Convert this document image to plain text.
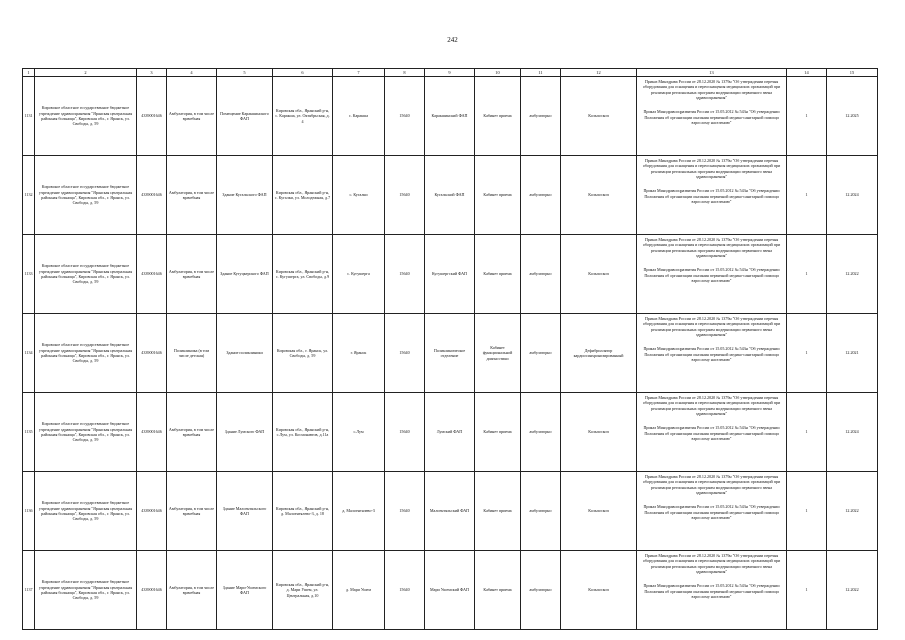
242
1	2	3	4	5	6	7	8	9	10	11	12	13	14	15
1131	Кировское областное государственное бюджетное учреждение здравоохранения "Яранская центральная районная больница", Кировская обл., г. Яранск, ул. Свободы, д. 59	4339001646	Амбулатория, в том числе врачебная	Помещение Каракшинского ФАП	Кировская обл., Яранский р-н, с. Каракша, ул. Октябрьская, д. 4	с. Каракша	15640	Каракшинский ФАП	Кабинет приема	амбулаторно	Кольпоскоп	Приказ Минздрава России от 28.12.2020 № 1379н "Об утверждении перечня оборудования для оснащения и переоснащения медицинских организаций при реализации региональных программ модернизации первичного звена здравоохранения"
Приказ Минздравсоцразвития России от 15.05.2012 № 543н "Об утверждении Положения об организации оказания первичной медико-санитарной помощи взрослому населению"	1	12.2025
1132	Кировское областное государственное бюджетное учреждение здравоохранения "Яранская центральная районная больница", Кировская обл., г. Яранск, ул. Свободы, д. 59	4339001646	Амбулатория, в том числе врачебная	Здание Кугальского ФАП	Кировская обл., Яранский р-н, с. Кугалки, ул. Молодежная, д.7	с. Кугалки	15640	Кугальский ФАП	Кабинет приема	амбулаторно	Кольпоскоп	Приказ Минздрава России от 28.12.2020 № 1379н "Об утверждении перечня оборудования для оснащения и переоснащения медицинских организаций при реализации региональных программ модернизации первичного звена здравоохранения"
Приказ Минздравсоцразвития России от 15.05.2012 № 543н "Об утверждении Положения об организации оказания первичной медико-санитарной помощи взрослому населению"	1	12.2024
1133	Кировское областное государственное бюджетное учреждение здравоохранения "Яранская центральная районная больница", Кировская обл., г. Яранск, ул. Свободы, д. 59	4339001646	Амбулатория, в том числе врачебная	Здание Кутуцкерского ФАП	Кировская обл., Яранский р-н, с. Кугушерга, ул. Свободы, д.9	с. Кугушерга	15640	Кугушергский ФАП	Кабинет приема	амбулаторно	Кольпоскоп	Приказ Минздрава России от 28.12.2020 № 1379н "Об утверждении перечня оборудования для оснащения и переоснащения медицинских организаций при реализации региональных программ модернизации первичного звена здравоохранения"
Приказ Минздравсоцразвития России от 15.05.2012 № 543н "Об утверждении Положения об организации оказания первичной медико-санитарной помощи взрослому населению"	1	12.2022
1134	Кировское областное государственное бюджетное учреждение здравоохранения "Яранская центральная районная больница", Кировская обл., г. Яранск, ул. Свободы, д. 59	4339001646	Поликлиника (в том числе детская)	Здание поликлиники	Кировская обл., г. Яранск, ул. Свободы, д. 59	г. Яранск	15640	Поликлиническое отделение	Кабинет функциональной диагностики	амбулаторно	Дефибриллятор кардиосинхронизированный	Приказ Минздрава России от 28.12.2020 № 1379н "Об утверждении перечня оборудования для оснащения и переоснащения медицинских организаций при реализации региональных программ модернизации первичного звена здравоохранения"
Приказ Минздравсоцразвития России от 15.05.2012 № 543н "Об утверждении Положения об организации оказания первичной медико-санитарной помощи взрослому населению"	1	12.2021
1135	Кировское областное государственное бюджетное учреждение здравоохранения "Яранская центральная районная больница", Кировская обл., г. Яранск, ул. Свободы, д. 59	4339001646	Амбулатория, в том числе врачебная	Здание Лумского ФАП	Кировская обл., Яранский р-н, с.Лум, ул. Космонавтов, д.11а	с.Лум	15640	Лумский ФАП	Кабинет приема	амбулаторно	Кольпоскоп	Приказ Минздрава России от 28.12.2020 № 1379н "Об утверждении перечня оборудования для оснащения и переоснащения медицинских организаций при реализации региональных программ модернизации первичного звена здравоохранения"
Приказ Минздравсоцразвития России от 15.05.2012 № 543н "Об утверждении Положения об организации оказания первичной медико-санитарной помощи взрослому населению"	1	12.2024
1136	Кировское областное государственное бюджетное учреждение здравоохранения "Яранская центральная районная больница", Кировская обл., г. Яранск, ул. Свободы, д. 59	4339001646	Амбулатория, в том числе врачебная	Здание Малоентяльского ФАП	Кировская обл., Яранский р-н, д. Малоентялево-3, д. 18	д. Малоентялево-3	15640	Малоентяльский ФАП	Кабинет приема	амбулаторно	Кольпоскоп	Приказ Минздрава России от 28.12.2020 № 1379н "Об утверждении перечня оборудования для оснащения и переоснащения медицинских организаций при реализации региональных программ модернизации первичного звена здравоохранения"
Приказ Минздравсоцразвития России от 15.05.2012 № 543н "Об утверждении Положения об организации оказания первичной медико-санитарной помощи взрослому населению"	1	12.2022
1137	Кировское областное государственное бюджетное учреждение здравоохранения "Яранская центральная районная больница", Кировская обл., г. Яранск, ул. Свободы, д. 59	4339001646	Амбулатория, в том числе врачебная	Здание Мари-Ушемского ФАП	Кировская обл., Яранский р-н, д. Мари Ушем, ул. Центральная, д.10	д. Мари Ушем	15640	Мари Ушемский ФАП	Кабинет приема	амбулаторно	Кольпоскоп	Приказ Минздрава России от 28.12.2020 № 1379н "Об утверждении перечня оборудования для оснащения и переоснащения медицинских организаций при реализации региональных программ модернизации первичного звена здравоохранения"
Приказ Минздравсоцразвития России от 15.05.2012 № 543н "Об утверждении Положения об организации оказания первичной медико-санитарной помощи взрослому населению"	1	12.2022
